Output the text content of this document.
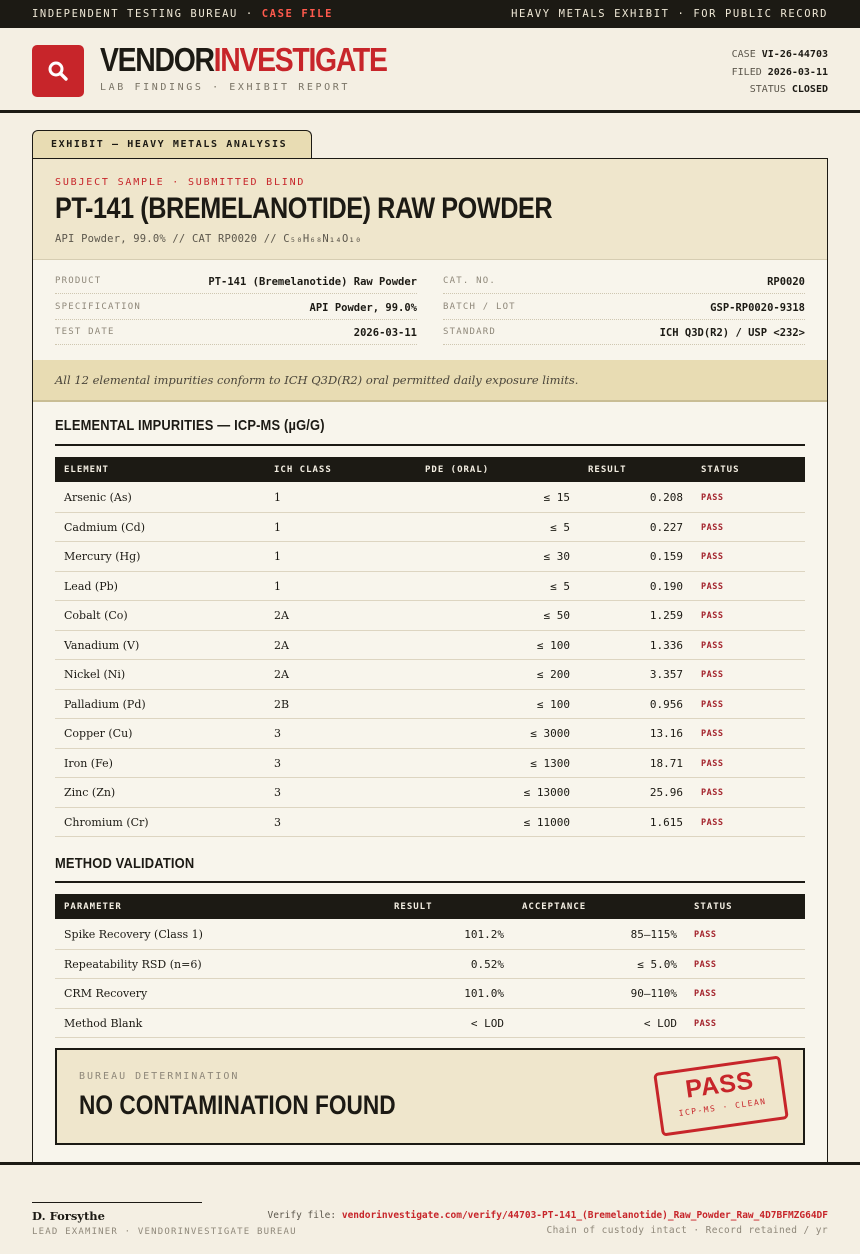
INDEPENDENT TESTING BUREAU · CASE FILE	HEAVY METALS EXHIBIT · FOR PUBLIC RECORD
VENDORINVESTIGATE
LAB FINDINGS · EXHIBIT REPORT
CASE VI-26-44703
FILED 2026-03-11
STATUS CLOSED
EXHIBIT — HEAVY METALS ANALYSIS
SUBJECT SAMPLE · SUBMITTED BLIND
PT-141 (BREMELANOTIDE) RAW POWDER
API Powder, 99.0% // CAT RP0020 // C₅₀H₆₈N₁₄O₁₀
PRODUCT	PT-141 (Bremelanotide) Raw Powder
SPECIFICATION	API Powder, 99.0%
TEST DATE	2026-03-11
CAT. NO.	RP0020
BATCH / LOT	GSP-RP0020-9318
STANDARD	ICH Q3D(R2) / USP <232>
All 12 elemental impurities conform to ICH Q3D(R2) oral permitted daily exposure limits.
ELEMENTAL IMPURITIES — ICP-MS (µG/G)
ELEMENT	ICH CLASS	PDE (ORAL)	RESULT	STATUS
METHOD VALIDATION
PARAMETER	RESULT	ACCEPTANCE	STATUS
BUREAU DETERMINATION
NO CONTAMINATION FOUND
PASS
ICP-MS · CLEAN
Arsenic (As)	1	≤ 15	0.208 PASS
Cadmium (Cd)	1	≤ 5	0.227 PASS
Mercury (Hg)	1	≤ 30	0.159 PASS
Lead (Pb)	1	≤ 5	0.190 PASS
Cobalt (Co)	2A	≤ 50	1.259 PASS
Vanadium (V)	2A	≤ 100	1.336 PASS
Nickel (Ni)	2A	≤ 200	3.357 PASS
Palladium (Pd)	2B	≤ 100	0.956 PASS
Copper (Cu)	3	≤ 3000	13.16 PASS
Iron (Fe)	3	≤ 1300	18.71 PASS
Zinc (Zn)	3	≤ 13000	25.96 PASS
Chromium (Cr)	3	≤ 11000	1.615 PASS
Spike Recovery (Class 1)	101.2%	85–115% PASS
Repeatability RSD (n=6)	0.52%	≤ 5.0% PASS
CRM Recovery	101.0%	90–110% PASS
Method Blank	< LOD	< LOD PASS
D. Forsythe
LEAD EXAMINER · VENDORINVESTIGATE BUREAU
Verify file: vendorinvestigate.com/verify/44703-PT-141_(Bremelanotide)_Raw_Powder_Raw_4D7BFMZG64DF
Chain of custody intact · Record retained / yr
